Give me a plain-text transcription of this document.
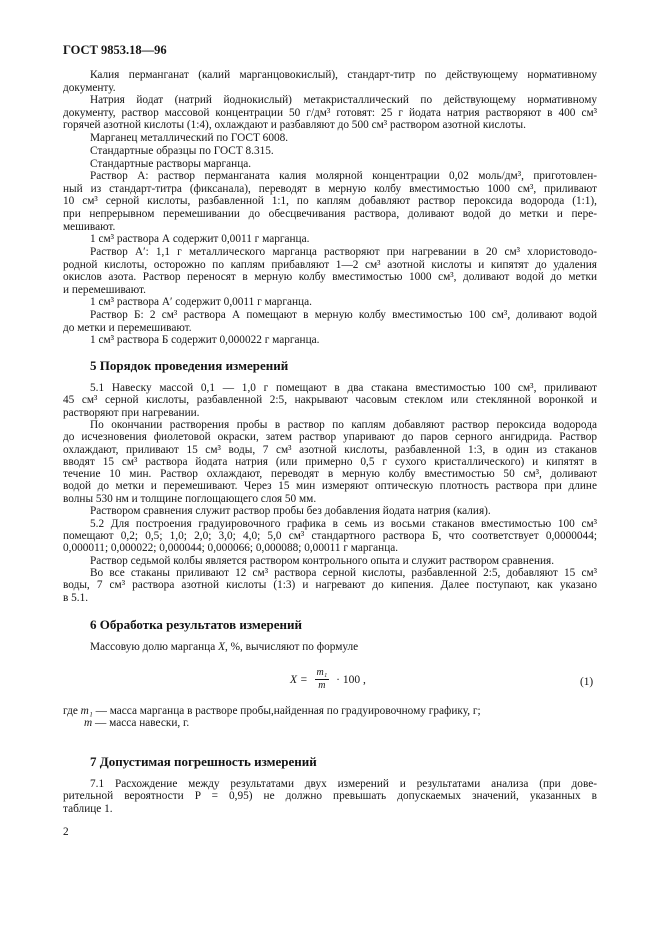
ГОСТ 9853.18—96
Калия перманганат (калий марганцовокислый), стандарт-титр по действующему нормативному
документу.
Натрия йодат (натрий йоднокислый) метакристаллический по действующему нормативному
документу, раствор массовой концентрации 50 г/дм³ готовят: 25 г йодата натрия растворяют в 400 см³
горячей азотной кислоты (1:4), охлаждают и разбавляют до 500 см³ раствором азотной кислоты.
Марганец металлический по ГОСТ 6008.
Стандартные образцы по ГОСТ 8.315.
Стандартные растворы марганца.
Раствор А: раствор перманганата калия молярной концентрации 0,02 моль/дм³, приготовлен-
ный из стандарт-титра (фиксанала), переводят в мерную колбу вместимостью 1000 см³, приливают
10 см³ серной кислоты, разбавленной 1:1, по каплям добавляют раствор пероксида водорода (1:1),
при непрерывном перемешивании до обесцвечивания раствора, доливают водой до метки и пере-
мешивают.
1 см³ раствора А содержит 0,0011 г марганца.
Раствор А′: 1,1 г металлического марганца растворяют при нагревании в 20 см³ хлористоводо-
родной кислоты, осторожно по каплям прибавляют 1—2 см³ азотной кислоты и кипятят до удаления
окислов азота. Раствор переносят в мерную колбу вместимостью 1000 см³, доливают водой до метки
и перемешивают.
1 см³ раствора А′ содержит 0,0011 г марганца.
Раствор Б: 2 см³ раствора А помещают в мерную колбу вместимостью 100 см³, доливают водой
до метки и перемешивают.
1 см³ раствора Б содержит 0,000022 г марганца.
5 Порядок проведения измерений
5.1 Навеску массой 0,1 — 1,0 г помещают в два стакана вместимостью 100 см³, приливают
45 см³ серной кислоты, разбавленной 2:5, накрывают часовым стеклом или стеклянной воронкой и
растворяют при нагревании.
По окончании растворения пробы в раствор по каплям добавляют раствор пероксида водорода
до исчезновения фиолетовой окраски, затем раствор упаривают до паров серного ангидрида. Раствор
охлаждают, приливают 15 см³ воды, 7 см³ азотной кислоты, разбавленной 1:3, в один из стаканов
вводят 15 см³ раствора йодата натрия (или примерно 0,5 г сухого кристаллического) и кипятят в
течение 10 мин. Раствор охлаждают, переводят в мерную колбу вместимостью 50 см³, доливают
водой до метки и перемешивают. Через 15 мин измеряют оптическую плотность раствора при длине
волны 530 нм и толщине поглощающего слоя 50 мм.
Раствором сравнения служит раствор пробы без добавления йодата натрия (калия).
5.2 Для построения градуировочного графика в семь из восьми стаканов вместимостью 100 см³
помещают 0,2; 0,5; 1,0; 2,0; 3,0; 4,0; 5,0 см³ стандартного раствора Б, что соответствует 0,0000044;
0,000011; 0,000022; 0,000044; 0,000066; 0,000088; 0,00011 г марганца.
Раствор седьмой колбы является раствором контрольного опыта и служит раствором сравнения.
Во все стаканы приливают 12 см³ раствора серной кислоты, разбавленной 2:5, добавляют 15 см³
воды, 7 см³ раствора азотной кислоты (1:3) и нагревают до кипения. Далее поступают, как указано
в 5.1.
6 Обработка результатов измерений
Массовую долю марганца X, %, вычисляют по формуле
$X = \frac{\text{m₁}}{m} \cdot 100$ ,	(1)
где m₁ — масса марганца в растворе пробы,найденная по градуировочному графику, г;
m — масса навески, г.
7 Допустимая погрешность измерений
7.1 Расхождение между результатами двух измерений и результатами анализа (при дове-
рительной вероятности P = 0,95) не должно превышать допускаемых значений, указанных в
таблице 1.
2
